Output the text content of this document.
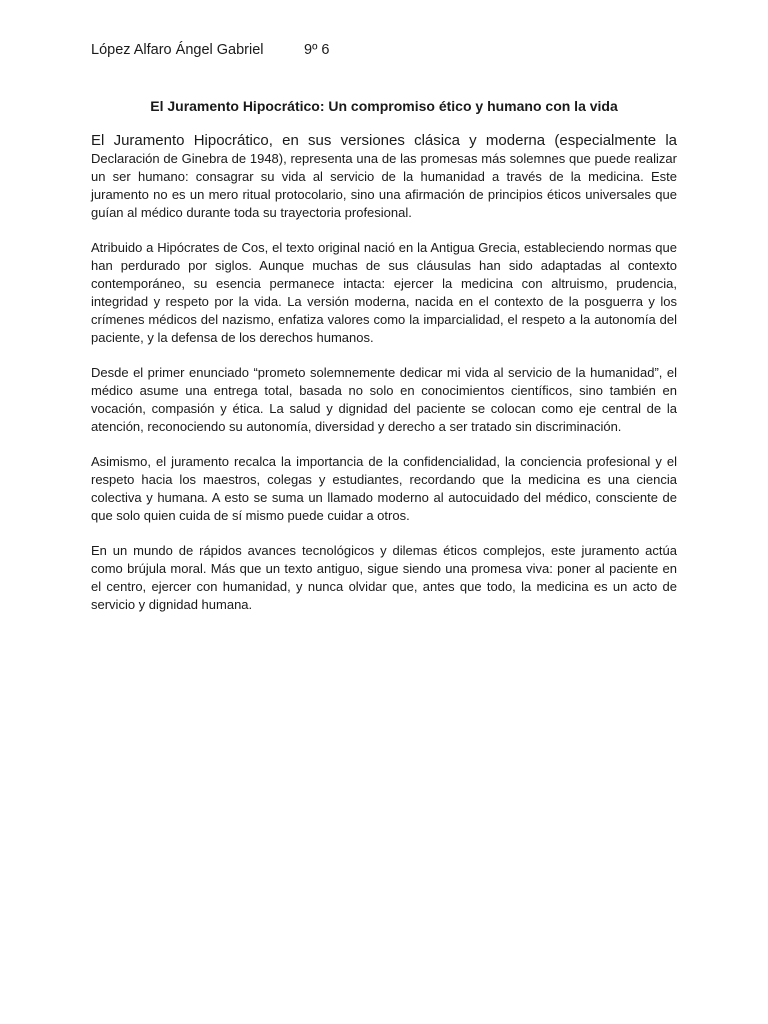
López Alfaro Ángel Gabriel	9º 6
El Juramento Hipocrático: Un compromiso ético y humano con la vida

El Juramento Hipocrático, en sus versiones clásica y moderna (especialmente la Declaración de Ginebra de 1948), representa una de las promesas más solemnes que puede realizar un ser humano: consagrar su vida al servicio de la humanidad a través de la medicina. Este juramento no es un mero ritual protocolario, sino una afirmación de principios éticos universales que guían al médico durante toda su trayectoria profesional.

Atribuido a Hipócrates de Cos, el texto original nació en la Antigua Grecia, estableciendo normas que han perdurado por siglos. Aunque muchas de sus cláusulas han sido adaptadas al contexto contemporáneo, su esencia permanece intacta: ejercer la medicina con altruismo, prudencia, integridad y respeto por la vida. La versión moderna, nacida en el contexto de la posguerra y los crímenes médicos del nazismo, enfatiza valores como la imparcialidad, el respeto a la autonomía del paciente, y la defensa de los derechos humanos.

Desde el primer enunciado “prometo solemnemente dedicar mi vida al servicio de la humanidad”, el médico asume una entrega total, basada no solo en conocimientos científicos, sino también en vocación, compasión y ética. La salud y dignidad del paciente se colocan como eje central de la atención, reconociendo su autonomía, diversidad y derecho a ser tratado sin discriminación.

Asimismo, el juramento recalca la importancia de la confidencialidad, la conciencia profesional y el respeto hacia los maestros, colegas y estudiantes, recordando que la medicina es una ciencia colectiva y humana. A esto se suma un llamado moderno al autocuidado del médico, consciente de que solo quien cuida de sí mismo puede cuidar a otros.

En un mundo de rápidos avances tecnológicos y dilemas éticos complejos, este juramento actúa como brújula moral. Más que un texto antiguo, sigue siendo una promesa viva: poner al paciente en el centro, ejercer con humanidad, y nunca olvidar que, antes que todo, la medicina es un acto de servicio y dignidad humana.
